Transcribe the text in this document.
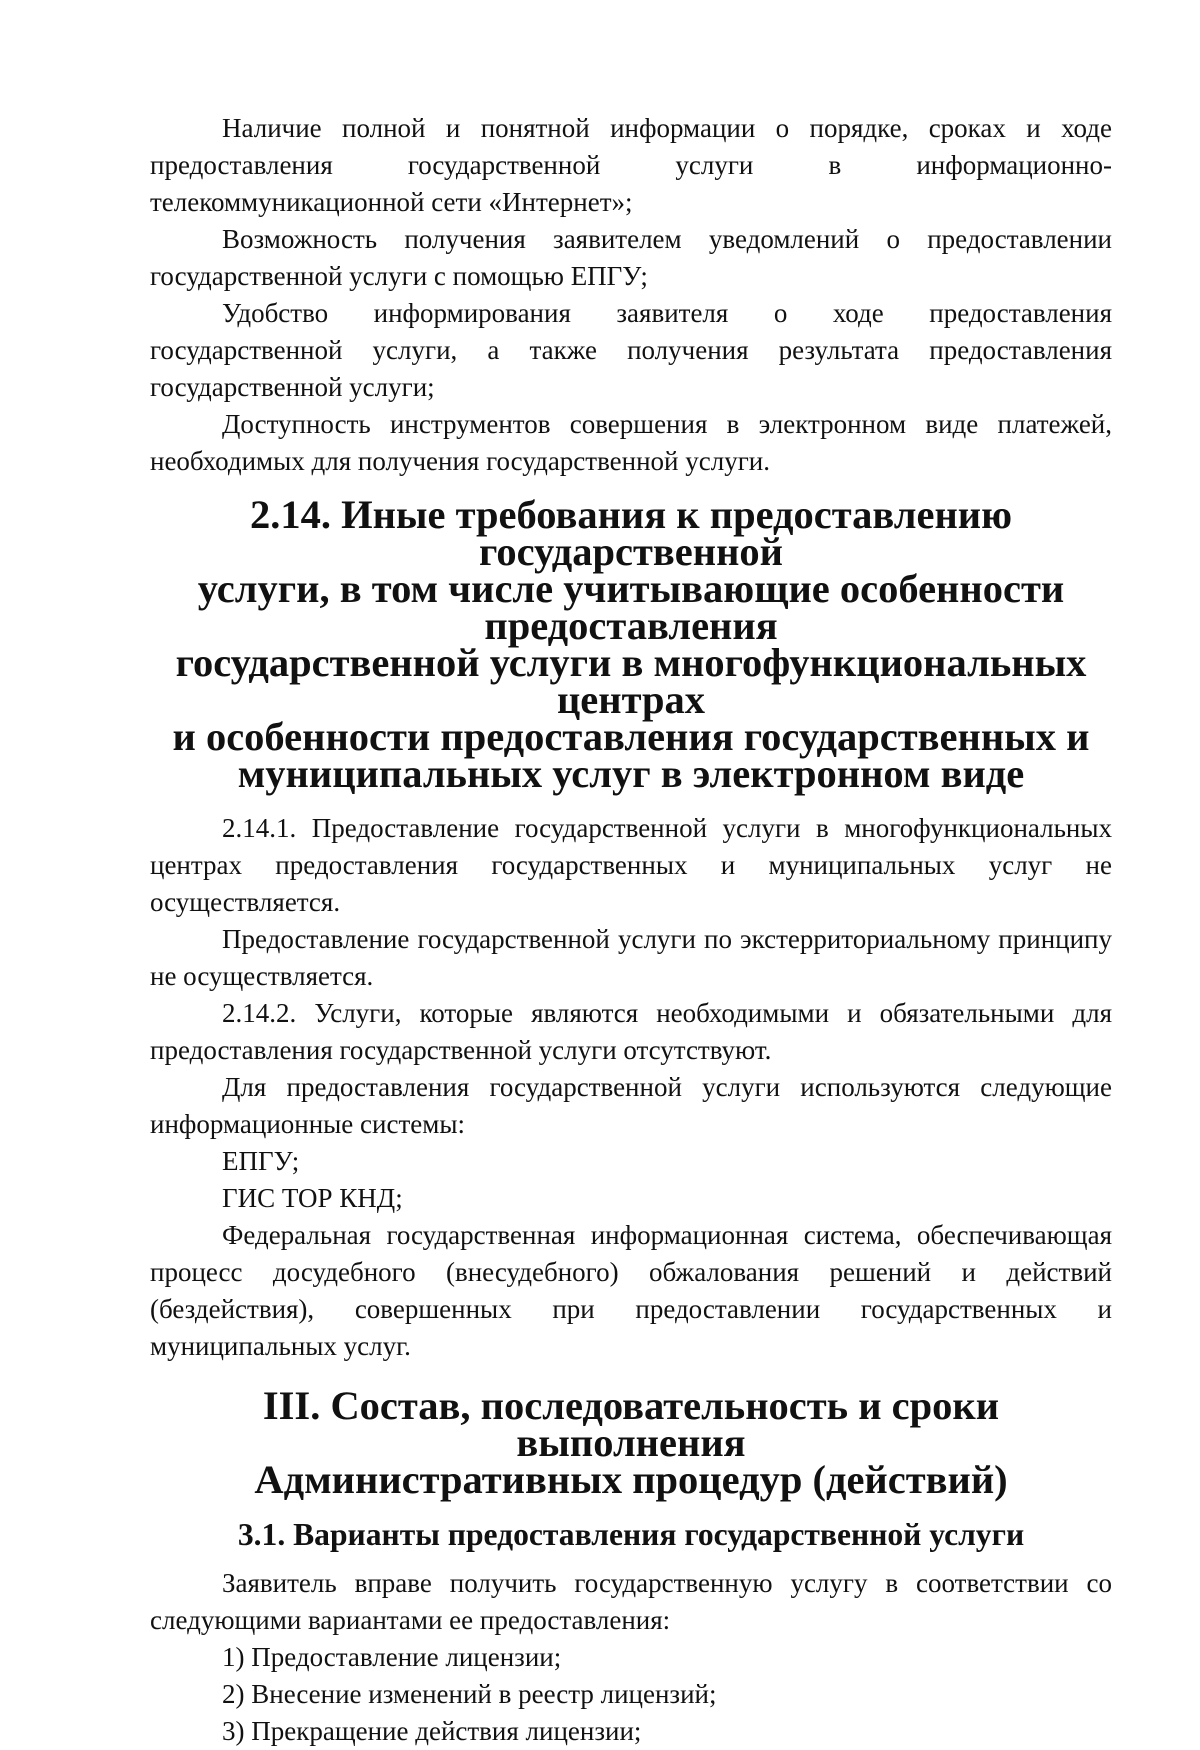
Наличие полной и понятной информации о порядке, сроках и ходе предоставления государственной услуги в информационно-телекоммуникационной сети «Интернет»;

Возможность получения заявителем уведомлений о предоставлении государственной услуги с помощью ЕПГУ;

Удобство информирования заявителя о ходе предоставления государственной услуги, а также получения результата предоставления государственной услуги;

Доступность инструментов совершения в электронном виде платежей, необходимых для получения государственной услуги.

2.14. Иные требования к предоставлению государственной
услуги, в том числе учитывающие особенности предоставления
государственной услуги в многофункциональных центрах
и особенности предоставления государственных и
муниципальных услуг в электронном виде

2.14.1. Предоставление государственной услуги в многофункциональных центрах предоставления государственных и муниципальных услуг не осуществляется.

Предоставление государственной услуги по экстерриториальному принципу не осуществляется.

2.14.2. Услуги, которые являются необходимыми и обязательными для предоставления государственной услуги отсутствуют.

Для предоставления государственной услуги используются следующие информационные системы:

ЕПГУ;

ГИС ТОР КНД;

Федеральная государственная информационная система, обеспечивающая процесс досудебного (внесудебного) обжалования решений и действий (бездействия), совершенных при предоставлении государственных и муниципальных услуг.

III. Состав, последовательность и сроки выполнения
Административных процедур (действий)
3.1. Варианты предоставления государственной услуги

Заявитель вправе получить государственную услугу в соответствии со следующими вариантами ее предоставления:

1) Предоставление лицензии;

2) Внесение изменений в реестр лицензий;

3) Прекращение действия лицензии;
